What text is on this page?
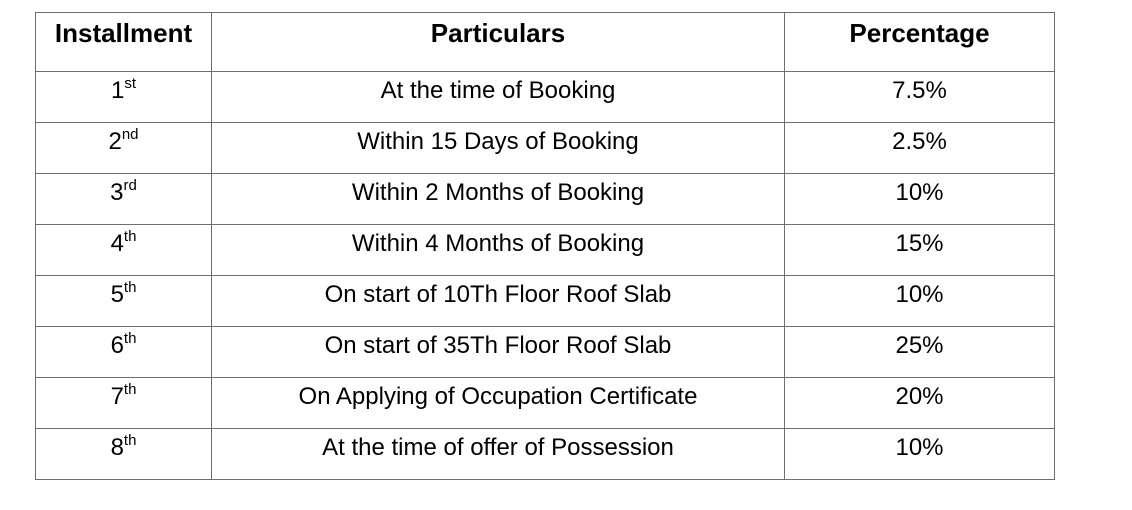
Installment	Particulars	Percentage
1st	At the time of Booking	7.5%
2nd	Within 15 Days of Booking	2.5%
3rd	Within 2 Months of Booking	10%
4th	Within 4 Months of Booking	15%
5th	On start of 10Th Floor Roof Slab	10%
6th	On start of 35Th Floor Roof Slab	25%
7th	On Applying of Occupation Certificate	20%
8th	At the time of offer of Possession	10%
